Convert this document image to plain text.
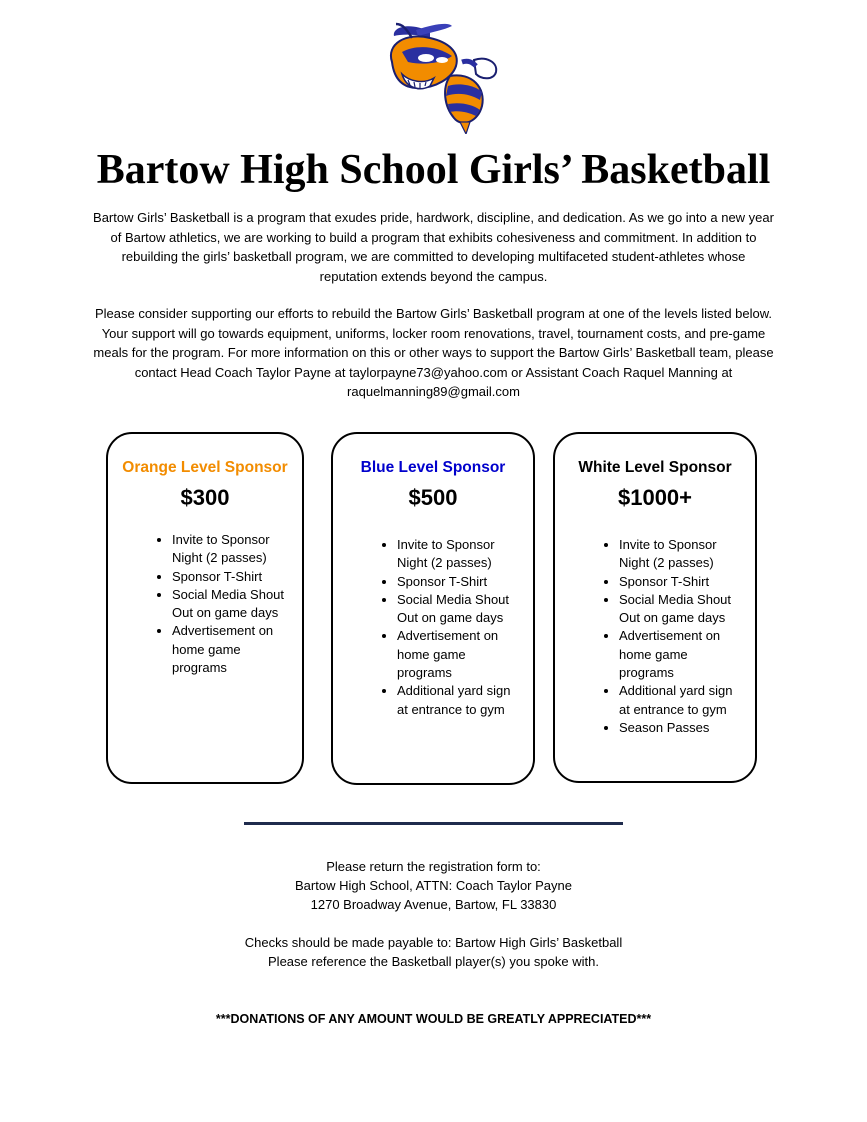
Bartow High School Girls’ Basketball
Bartow Girls’ Basketball is a program that exudes pride, hardwork, discipline, and dedication. As we go into a new year
of Bartow athletics, we are working to build a program that exhibits cohesiveness and commitment. In addition to
rebuilding the girls’ basketball program, we are committed to developing multifaceted student-athletes whose
reputation extends beyond the campus.
Please consider supporting our efforts to rebuild the Bartow Girls’ Basketball program at one of the levels listed below.
Your support will go towards equipment, uniforms, locker room renovations, travel, tournament costs, and pre-game
meals for the program. For more information on this or other ways to support the Bartow Girls’ Basketball team, please
contact Head Coach Taylor Payne at taylorpayne73@yahoo.com or Assistant Coach Raquel Manning at
raquelmanning89@gmail.com

Orange Level Sponsor

$300

• Invite to Sponsor
Night (2 passes)
• Sponsor T-Shirt
• Social Media Shout
Out on game days
• Advertisement on
home game
programs

Blue Level Sponsor

$500

• Invite to Sponsor
Night (2 passes)
• Sponsor T-Shirt
• Social Media Shout
Out on game days
• Advertisement on
home game
programs
• Additional yard sign
at entrance to gym

White Level Sponsor

$1000+

• Invite to Sponsor
Night (2 passes)
• Sponsor T-Shirt
• Social Media Shout
Out on game days
• Advertisement on
home game
programs
• Additional yard sign
at entrance to gym
• Season Passes
Please return the registration form to:
Bartow High School, ATTN: Coach Taylor Payne
1270 Broadway Avenue, Bartow, FL 33830
Checks should be made payable to: Bartow High Girls’ Basketball
Please reference the Basketball player(s) you spoke with.

***DONATIONS OF ANY AMOUNT WOULD BE GREATLY APPRECIATED***
